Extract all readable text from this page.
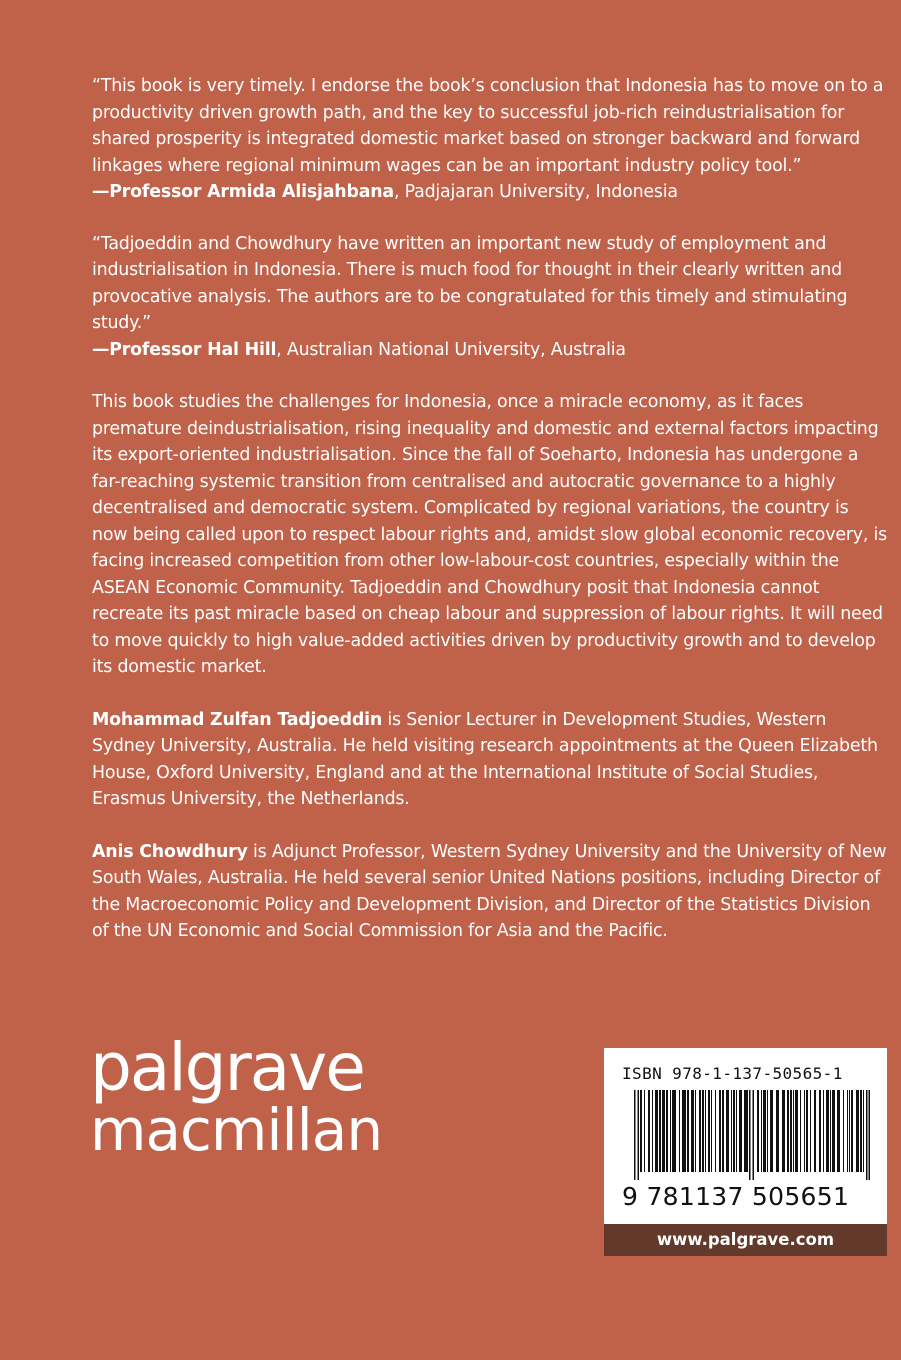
“This book is very timely. I endorse the book’s conclusion that Indonesia has to move on to a productivity driven growth path, and the key to successful job-rich reindustrialisation for shared prosperity is integrated domestic market based on stronger backward and forward linkages where regional minimum wages can be an important industry policy tool.”

—Professor Armida Alisjahbana, Padjajaran University, Indonesia

“Tadjoeddin and Chowdhury have written an important new study of employment and industrialisation in Indonesia. There is much food for thought in their clearly written and provocative analysis. The authors are to be congratulated for this timely and stimulating study.”

—Professor Hal Hill, Australian National University, Australia

This book studies the challenges for Indonesia, once a miracle economy, as it faces premature deindustrialisation, rising inequality and domestic and external factors impacting its export-oriented industrialisation. Since the fall of Soeharto, Indonesia has undergone a far-reaching systemic transition from centralised and autocratic governance to a highly decentralised and democratic system. Complicated by regional variations, the country is now being called upon to respect labour rights and, amidst slow global economic recovery, is facing increased competition from other low-labour-cost countries, especially within the ASEAN Economic Community. Tadjoeddin and Chowdhury posit that Indonesia cannot recreate its past miracle based on cheap labour and suppression of labour rights. It will need to move quickly to high value-added activities driven by productivity growth and to develop its domestic market.

Mohammad Zulfan Tadjoeddin is Senior Lecturer in Development Studies, Western Sydney University, Australia. He held visiting research appointments at the Queen Elizabeth House, Oxford University, England and at the International Institute of Social Studies, Erasmus University, the Netherlands.

Anis Chowdhury is Adjunct Professor, Western Sydney University and the University of New South Wales, Australia. He held several senior United Nations positions, including Director of the Macroeconomic Policy and Development Division, and Director of the Statistics Division of the UN Economic and Social Commission for Asia and the Pacific.

palgrave
macmillan
ISBN 978-1-137-50565-1
9 781137 505651
www.palgrave.com
